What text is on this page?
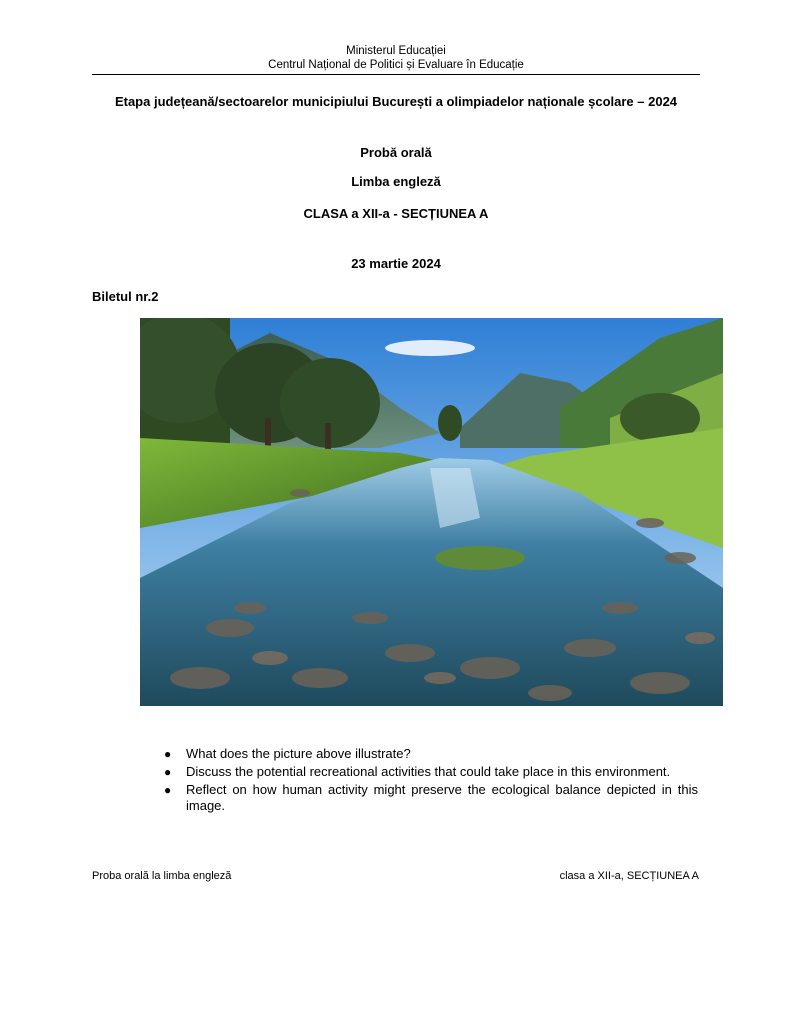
Ministerul Educației
Centrul Național de Politici și Evaluare în Educație
Etapa județeană/sectoarelor municipiului București a olimpiadelor naționale școlare – 2024
Probă orală
Limba engleză
CLASA a XII-a - SECȚIUNEA A
23 martie 2024
Biletul nr.2
● What does the picture above illustrate?
● Discuss the potential recreational activities that could take place in this environment.
● Reflect on how human activity might preserve the ecological balance depicted in this image.
Proba orală la limba engleză	clasa a XII-a, SECȚIUNEA A
